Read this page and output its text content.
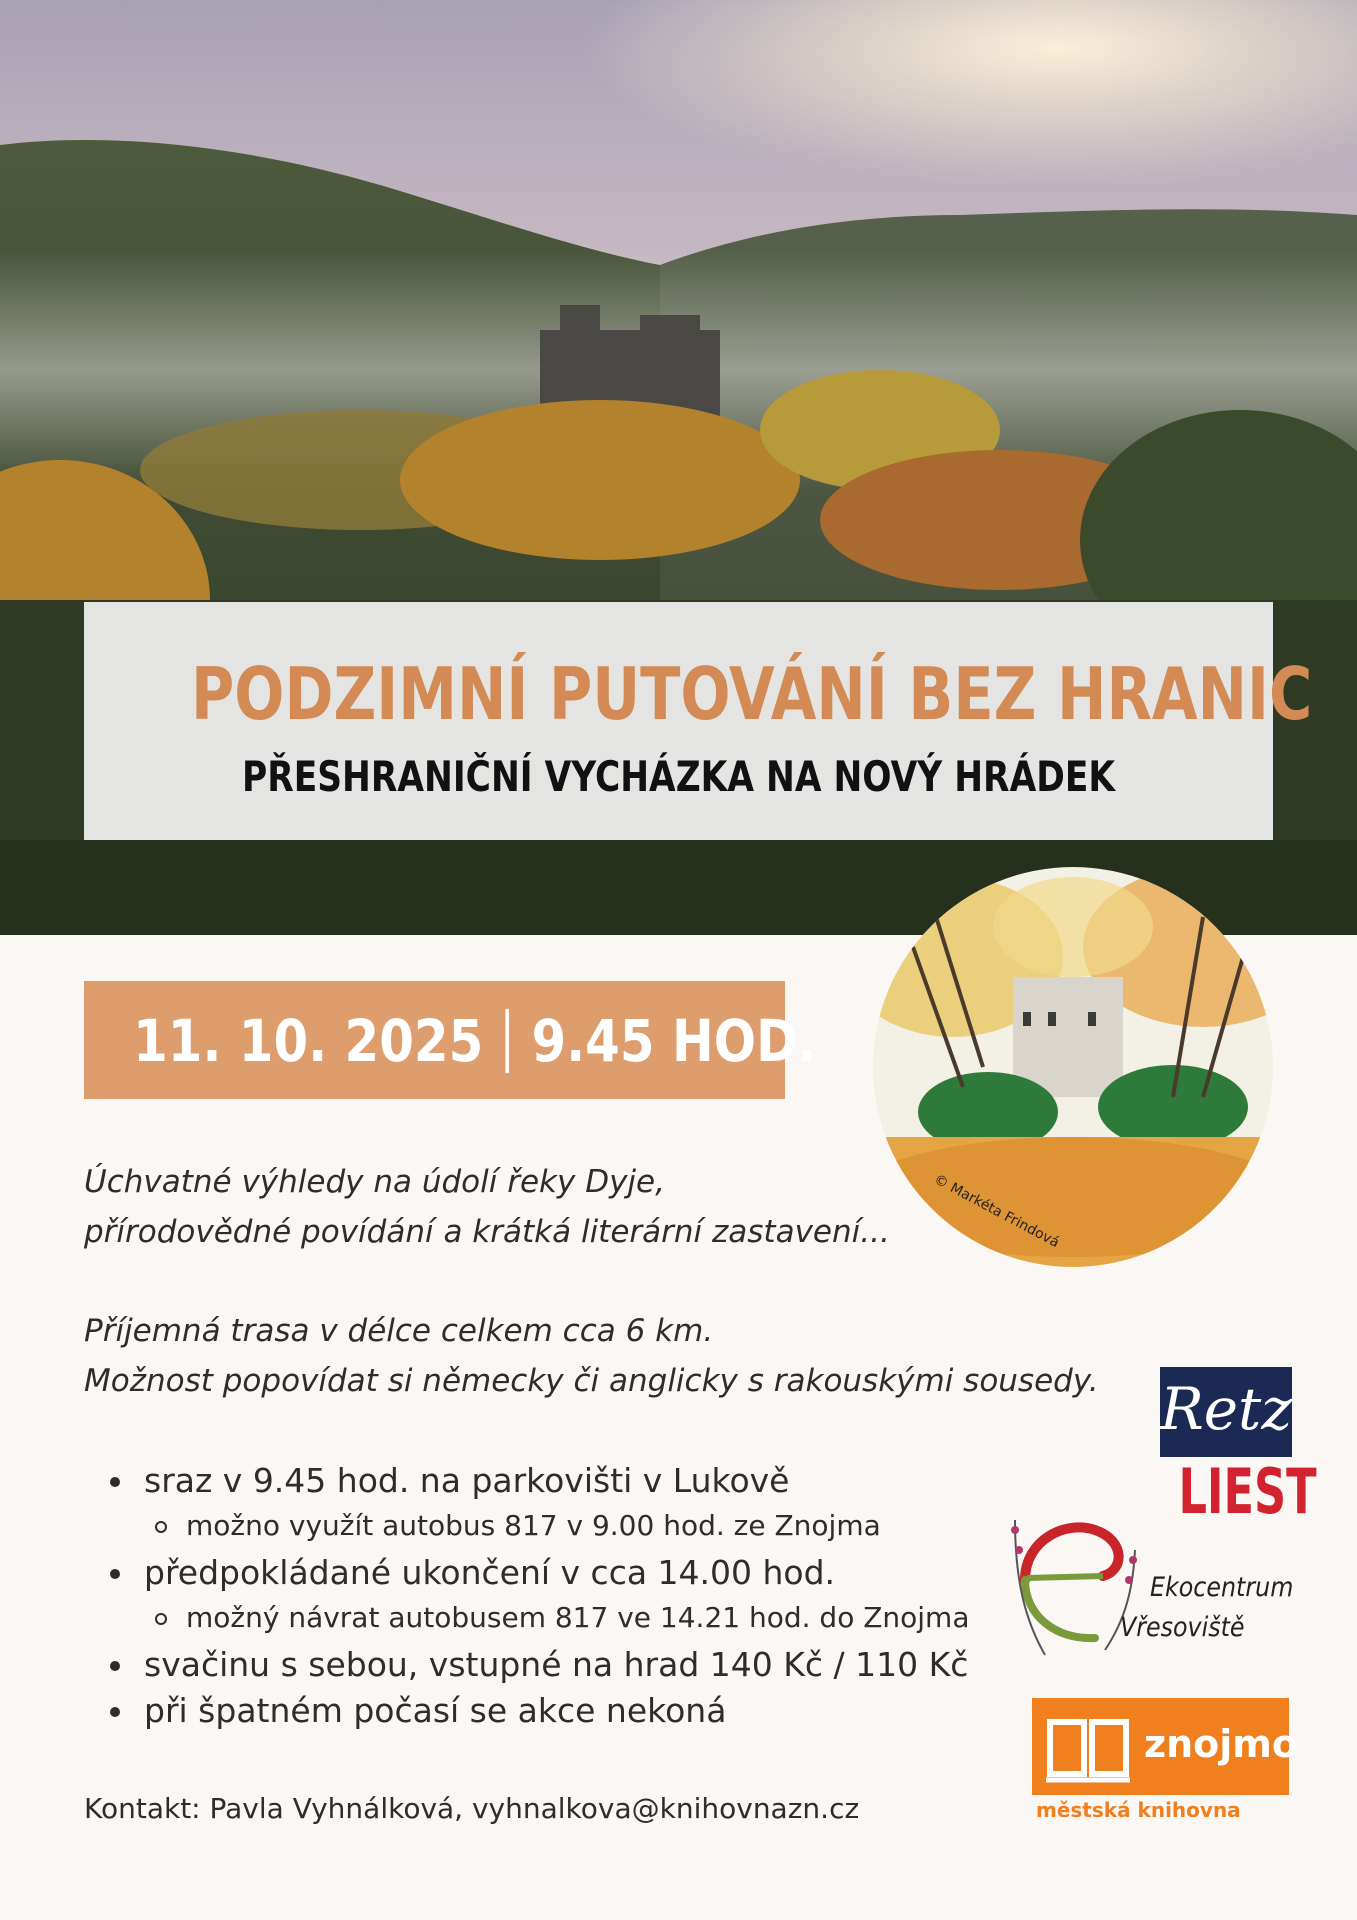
PODZIMNÍ PUTOVÁNÍ BEZ HRANIC
PŘESHRANIČNÍ VYCHÁZKA NA NOVÝ HRÁDEK
11. 10. 2025 9.45 HOD.
© Markéta Frindová
Úchvatné výhledy na údolí řeky Dyje,
přírodovědné povídání a krátká literární zastavení...
Příjemná trasa v délce celkem cca 6 km.
Možnost popovídat si německy či anglicky s rakouskými sousedy.
sraz v 9.45 hod. na parkovišti v Lukově
možno využít autobus 817 v 9.00 hod. ze Znojma
předpokládané ukončení v cca 14.00 hod.
možný návrat autobusem 817 ve 14.21 hod. do Znojma
svačinu s sebou, vstupné na hrad 140 Kč / 110 Kč
při špatném počasí se akce nekoná
Kontakt: Pavla Vyhnálková, vyhnalkova@knihovnazn.cz
Retz
LIEST
Ekocentrum
Vřesoviště
znojmo
městská knihovna
